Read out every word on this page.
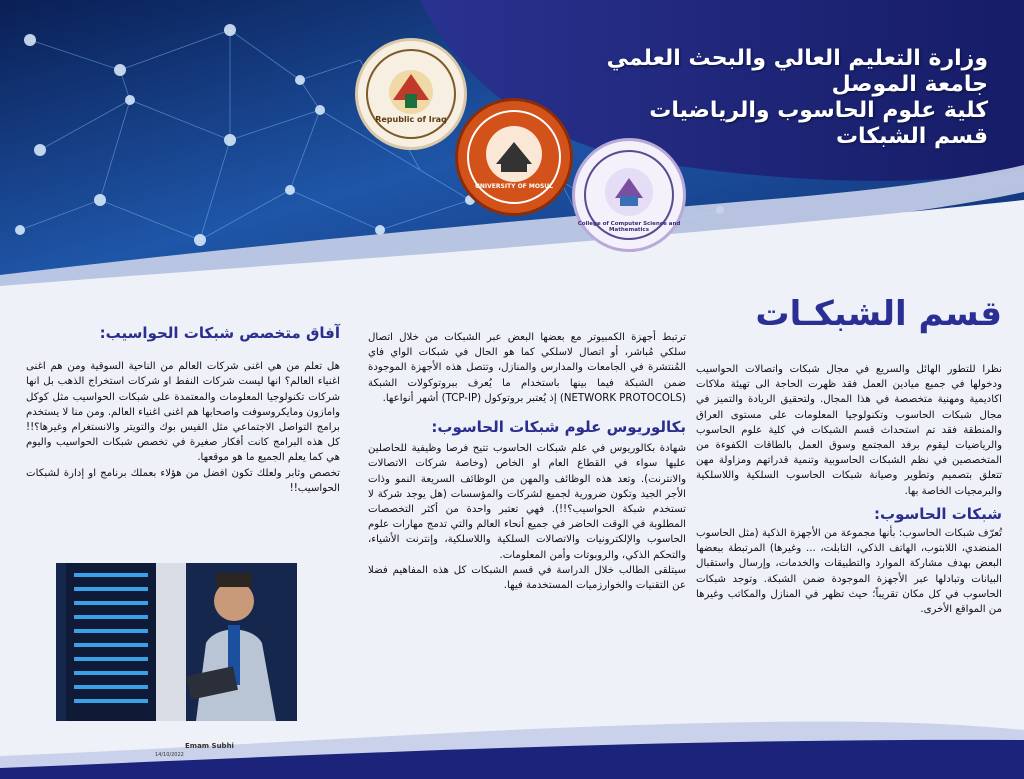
Republic of Iraq
UNIVERSITY OF MOSUL
College of Computer Science and Mathematics
وزارة التعليم العالي والبحث العلمي
جامعة الموصل
كلية علوم الحاسوب والرياضيات
قسم الشبكات
قسم الشبكـات

نظرا للتطور الهائل والسريع في مجال شبكات واتصالات الحواسيب ودخولها في جميع ميادين العمل فقد ظهرت الحاجة الى تهيئة ملاكات اكاديمية ومهنية متخصصة في هذا المجال. ولتحقيق الريادة والتميز في مجال شبكات الحاسوب وتكنولوجيا المعلومات على مستوى العراق والمنطقة فقد تم استحداث قسم الشبكات في كلية علوم الحاسوب والرياضيات ليقوم برفد المجتمع وسوق العمل بالطاقات الكفوءة من المتخصصين في نظم الشبكات الحاسوبية وتنمية قدراتهم ومزاولة مهن تتعلق بتصميم وتطوير وصيانة شبكات الحاسوب السلكية واللاسلكية والبرمجيات الخاصة بها.

شبكات الحاسوب:

تُعرّف شبكات الحاسوب: بأنها مجموعة من الأجهزة الذكية (مثل الحاسوب المنضدي، اللابتوب، الهاتف الذكي، التابلت، ... وغيرها) المرتبطة ببعضها البعض بهدف مشاركة الموارد والتطبيقات والخدمات، وإرسال واستقبال البيانات وتبادلها عبر الأجهزة الموجودة ضمن الشبكة. وتوجد شبكات الحاسوب في كل مكان تقريباً؛ حيث تظهر في المنازل والمكاتب وغيرها من المواقع الأخرى.

ترتبط أجهزة الكمبيوتر مع بعضها البعض عبر الشبكات من خلال اتصال سلكي مُباشر، أو اتصال لاسلكي كما هو الحال في شبكات الواي فاي المُنتشرة في الجامعات والمدارس والمنازل، وتتصل هذه الأجهزة الموجودة ضمن الشبكة فيما بينها باستخدام ما يُعرف ببروتوكولات الشبكة (NETWORK PROTOCOLS) إذ يُعتبر بروتوكول (TCP-IP) أشهر أنواعها.

بكالوريوس علوم شبكات الحاسوب:

شهادة بكالوريوس في علم شبكات الحاسوب تتيح فرصا وظيفية للحاصلين عليها سواء في القطاع العام او الخاص (وخاصة شركات الاتصالات والانترنت). وتعد هذه الوظائف والمهن من الوظائف السريعة النمو وذات الأجر الجيد وتكون ضرورية لجميع لشركات والمؤسسات (هل يوجد شركة لا تستخدم شبكة الحواسيب؟!!). فهي تعتبر واحدة من أكثر التخصصات المطلوبة في الوقت الحاضر في جميع أنحاء العالم والتي تدمج مهارات علوم الحاسوب والإلكترونيات والاتصالات السلكية واللاسلكية، وإنترنت الأشياء، والتحكم الذكي، والروبوتات وأمن المعلومات.

سيتلقى الطالب خلال الدراسة في قسم الشبكات كل هذه المفاهيم فضلا عن التقنيات والخوارزميات المستخدمة فيها.

آفاق متخصص شبكات الحواسيب:

هل تعلم من هي اغنى شركات العالم من الناحية السوقية ومن هم اغنى اغنياء العالم؟ انها ليست شركات النفط او شركات استخراج الذهب بل انها شركات تكنولوجيا المعلومات والمعتمدة على شبكات الحواسيب مثل كوكل وامازون ومايكروسوفت واصحابها هم اغنى اغنياء العالم. ومن منا لا يستخدم برامج التواصل الاجتماعي مثل الفيس بوك والتويتر والانستغرام وغيرها؟!! كل هذه البرامج كانت أفكار صغيرة في تخصص شبكات الحواسيب واليوم هي كما يعلم الجميع ما هو موقعها.

تخصص وثابر ولعلك تكون افضل من هؤلاء بعملك برنامج او إدارة لشبكات الحواسيب!!

Emam Subhi
14/10/2022
